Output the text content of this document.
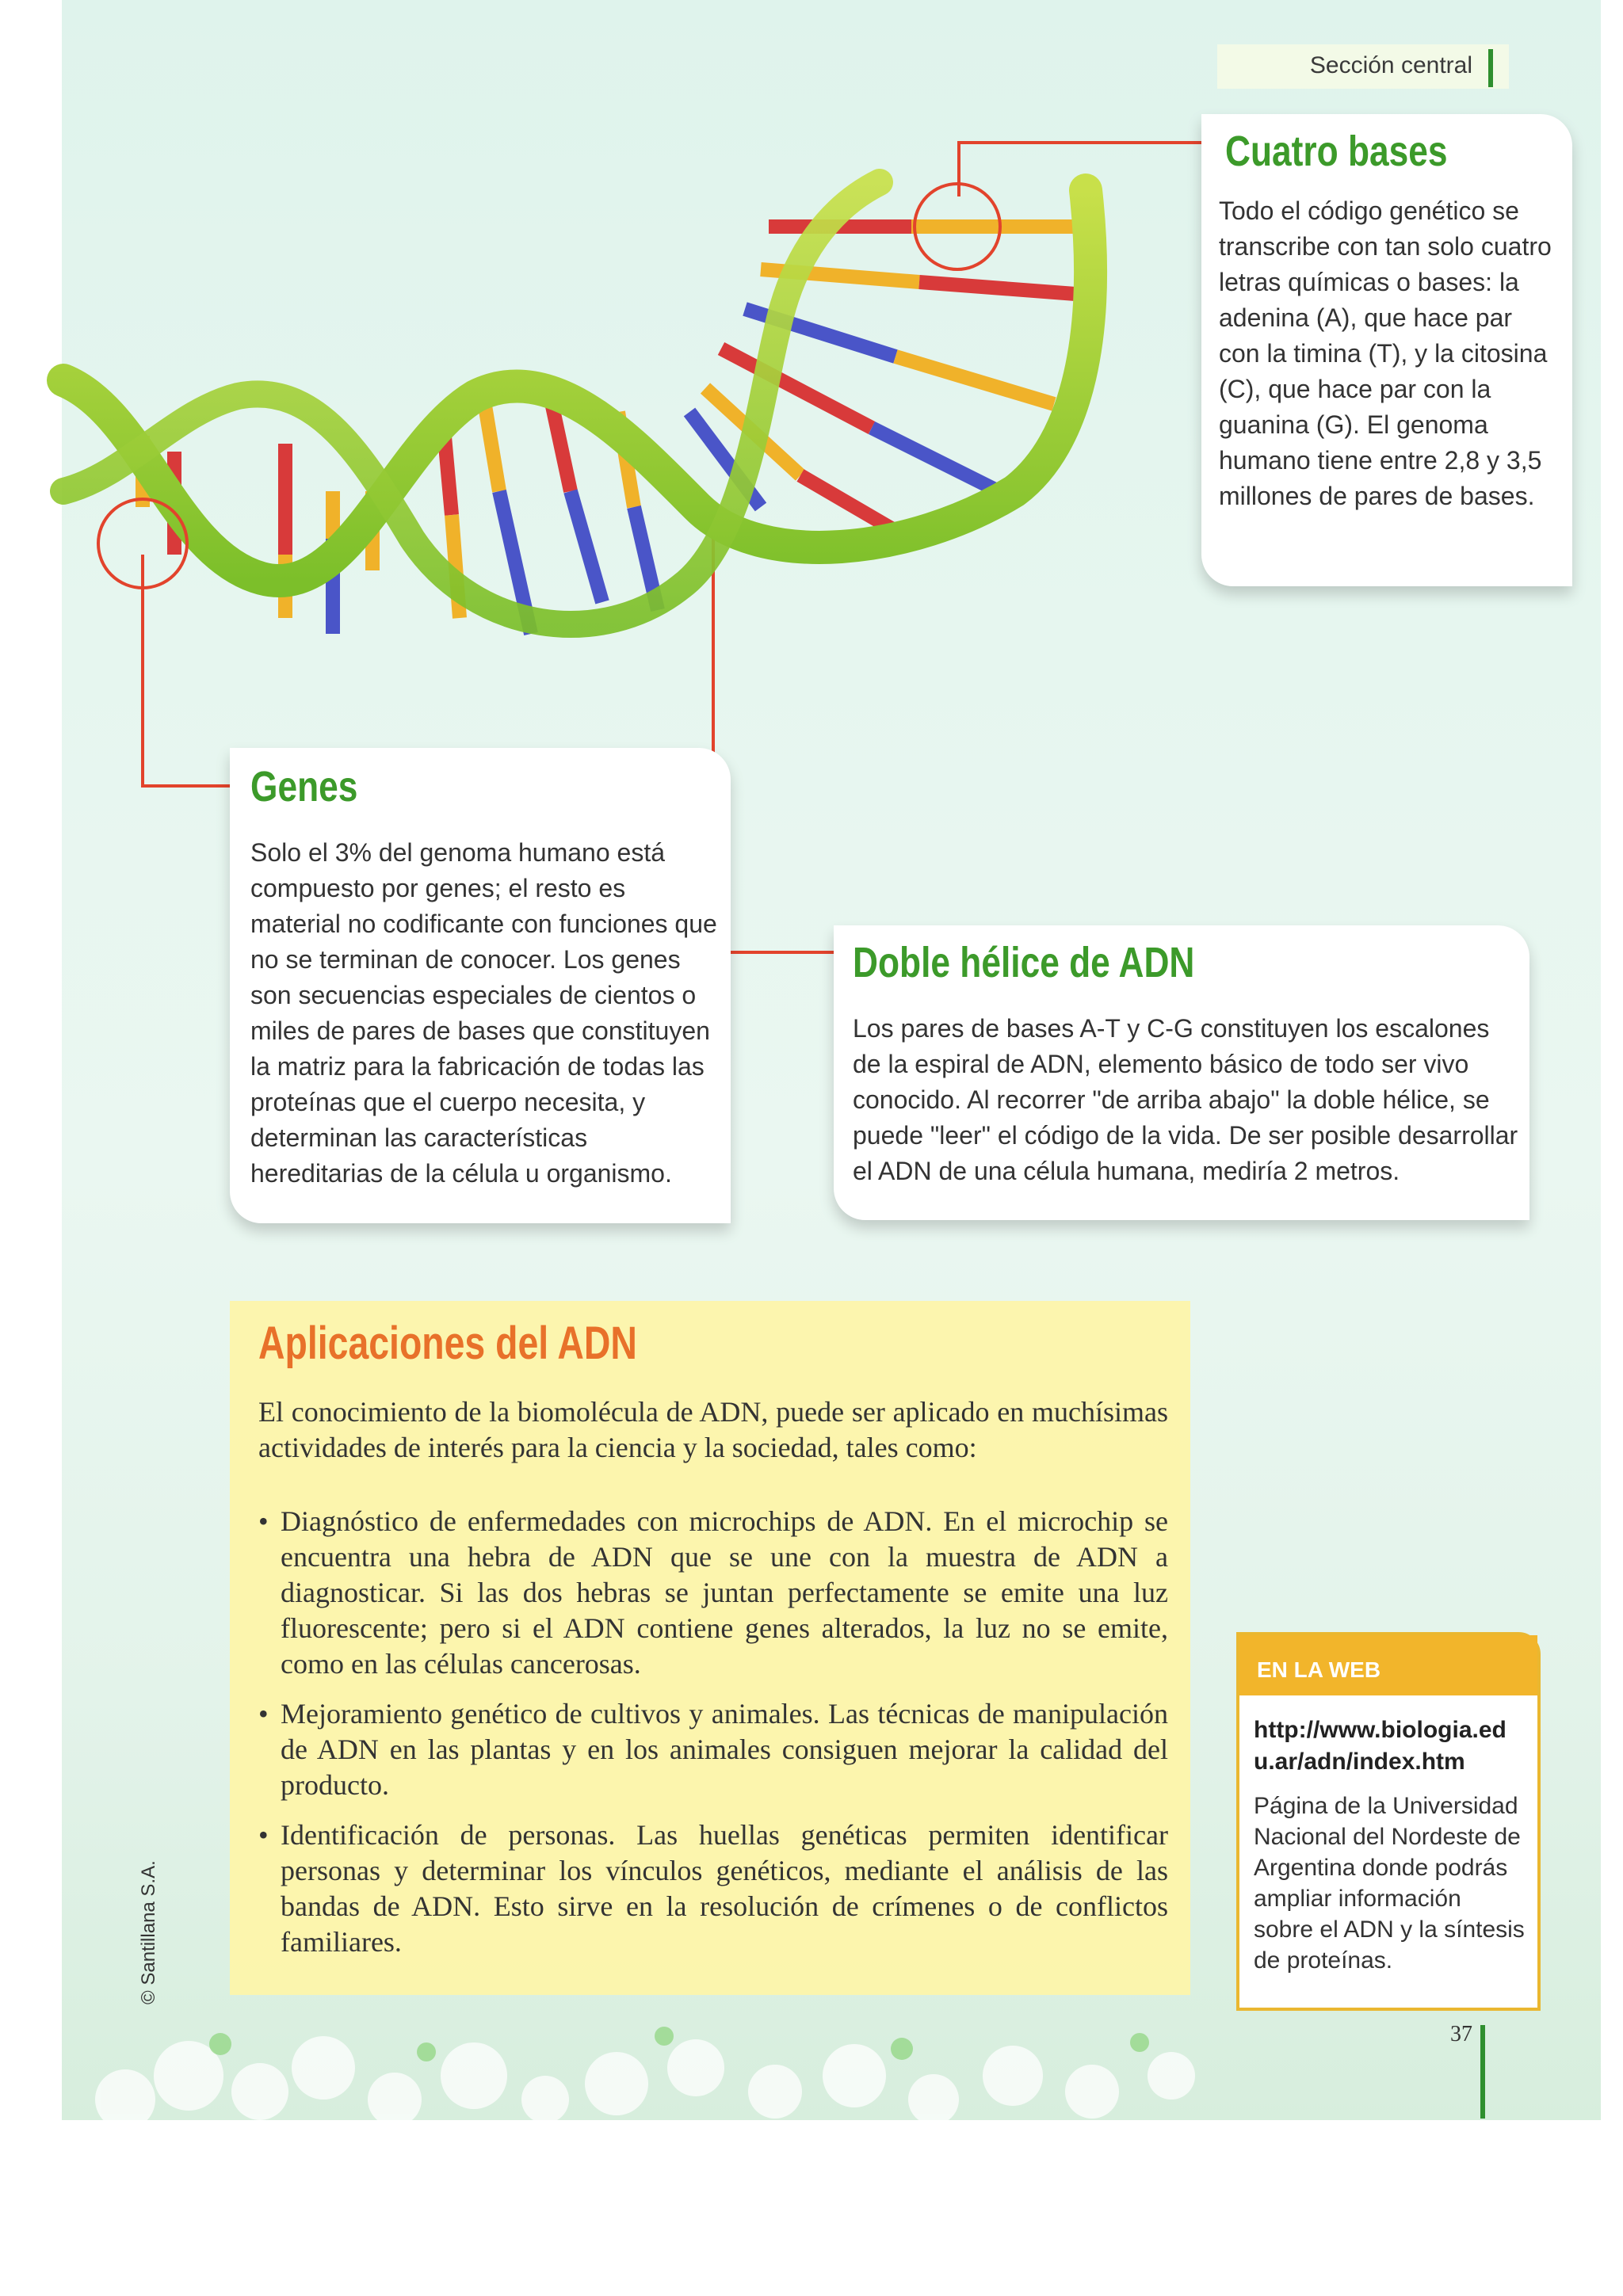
Sección central
Cuatro bases

Todo el código genético se transcribe con tan solo cuatro letras químicas o bases: la adenina (A), que hace par con la timina (T), y la citosina (C), que hace par con la guanina (G). El genoma humano tiene entre 2,8 y 3,5 millones de pares de bases.

Genes

Solo el 3% del genoma humano está compuesto por genes; el resto es material no codificante con funciones que no se terminan de conocer. Los genes son secuencias especiales de cientos o miles de pares de bases que constituyen la matriz para la fabricación de todas las proteínas que el cuerpo necesita, y determinan las características hereditarias de la célula u organismo.

Doble hélice de ADN

Los pares de bases A-T y C-G constituyen los escalones de la espiral de ADN, elemento básico de todo ser vivo conocido. Al recorrer "de arriba abajo" la doble hélice, se puede "leer" el código de la vida. De ser posible desarrollar el ADN de una célula humana, mediría 2 metros.

Aplicaciones del ADN

El conocimiento de la biomolécula de ADN, puede ser aplicado en muchísimas actividades de interés para la ciencia y la sociedad, tales como:

• Diagnóstico de enfermedades con microchips de ADN. En el microchip se encuentra una hebra de ADN que se une con la muestra de ADN a diagnosticar. Si las dos hebras se juntan perfectamente se emite una luz fluorescente; pero si el ADN contiene genes alterados, la luz no se emite, como en las células cancerosas.
• Mejoramiento genético de cultivos y animales. Las técnicas de manipulación de ADN en las plantas y en los animales consiguen mejorar la calidad del producto.
• Identificación de personas. Las huellas genéticas permiten identificar personas y determinar los vínculos genéticos, mediante el análisis de las bandas de ADN. Esto sirve en la resolución de crímenes o de conflictos familiares.
EN LA WEB
http://www.biologia.edu.ar/adn/index.htm
Página de la Universidad Nacional del Nordeste de Argentina donde podrás ampliar información sobre el ADN y la síntesis de proteínas.
37
© Santillana S.A.
